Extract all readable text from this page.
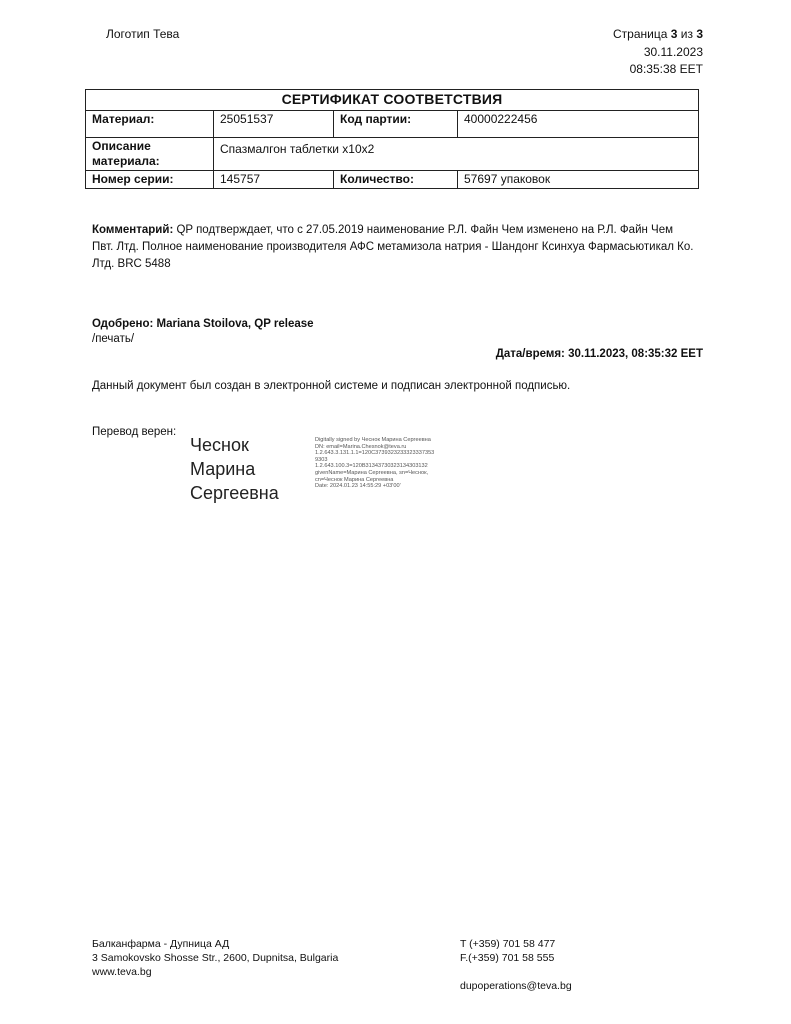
Логотип Тева	Страница 3 из 3
30.11.2023
08:35:38 EET
СЕРТИФИКАТ СООТВЕТСТВИЯ			
Материал:	25051537	Код партии:	40000222456
Описание материала:	Спазмалгон таблетки x10x2		
Номер серии:	145757	Количество:	57697 упаковок
Комментарий: QP подтверждает, что с 27.05.2019 наименование Р.Л. Файн Чем изменено на Р.Л. Файн Чем Пвт. Лтд. Полное наименование производителя АФС метамизола натрия - Шандонг Ксинхуа Фармасьютикал Ко. Лтд. BRC 5488
Одобрено: Mariana Stoilova, QP release
/печать/
Дата/время: 30.11.2023, 08:35:32 EET
Данный документ был создан в электронной системе и подписан электронной подписью.
Перевод верен:
Чеснок
Марина
Сергеевна
Digitally signed by Чеснок Марина Сергеевна
DN: email=Marina.Chesnok@teva.ru
1.2.643.3.131.1.1=120C3739323233323337353
9303
1.2.643.100.3=120B31343730323134303132
givenName=Марина Сергеевна, sn=Чеснок,
cn=Чеснок Марина Сергеевна
Date: 2024.01.23 14:55:29 +03'00'
Балканфарма - Дупница АД
3 Samokovsko Shosse Str., 2600, Dupnitsa, Bulgaria
www.teva.bg
T (+359) 701 58 477
F.(+359) 701 58 555
dupoperations@teva.bg
